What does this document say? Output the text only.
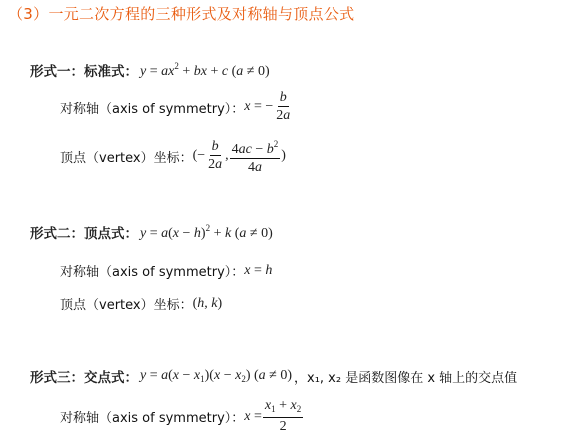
（3）一元二次方程的三种形式及对称轴与顶点公式
形式一：标准式： $y = ax^2$ + bx + c (a ≠ 0)
对称轴（axis of symmetry）： x = − $\frac{b}{2a}$
顶点（vertex）坐标： (− $\frac{b}{2a}$ , $\frac{4ac - b^2}{4a}$ )
形式二：顶点式： $y = a(x - h)^2 + k$ (a ≠ 0)
对称轴（axis of symmetry）： x = h
顶点（vertex）坐标： (h, k)
形式三：交点式： $y = a(x - x_1)(x - x_2)$ (a ≠ 0) ，x₁, x₂ 是函数图像在 x 轴上的交点值
对称轴（axis of symmetry）： $x = \frac{x_1 + x_2}{2}$
